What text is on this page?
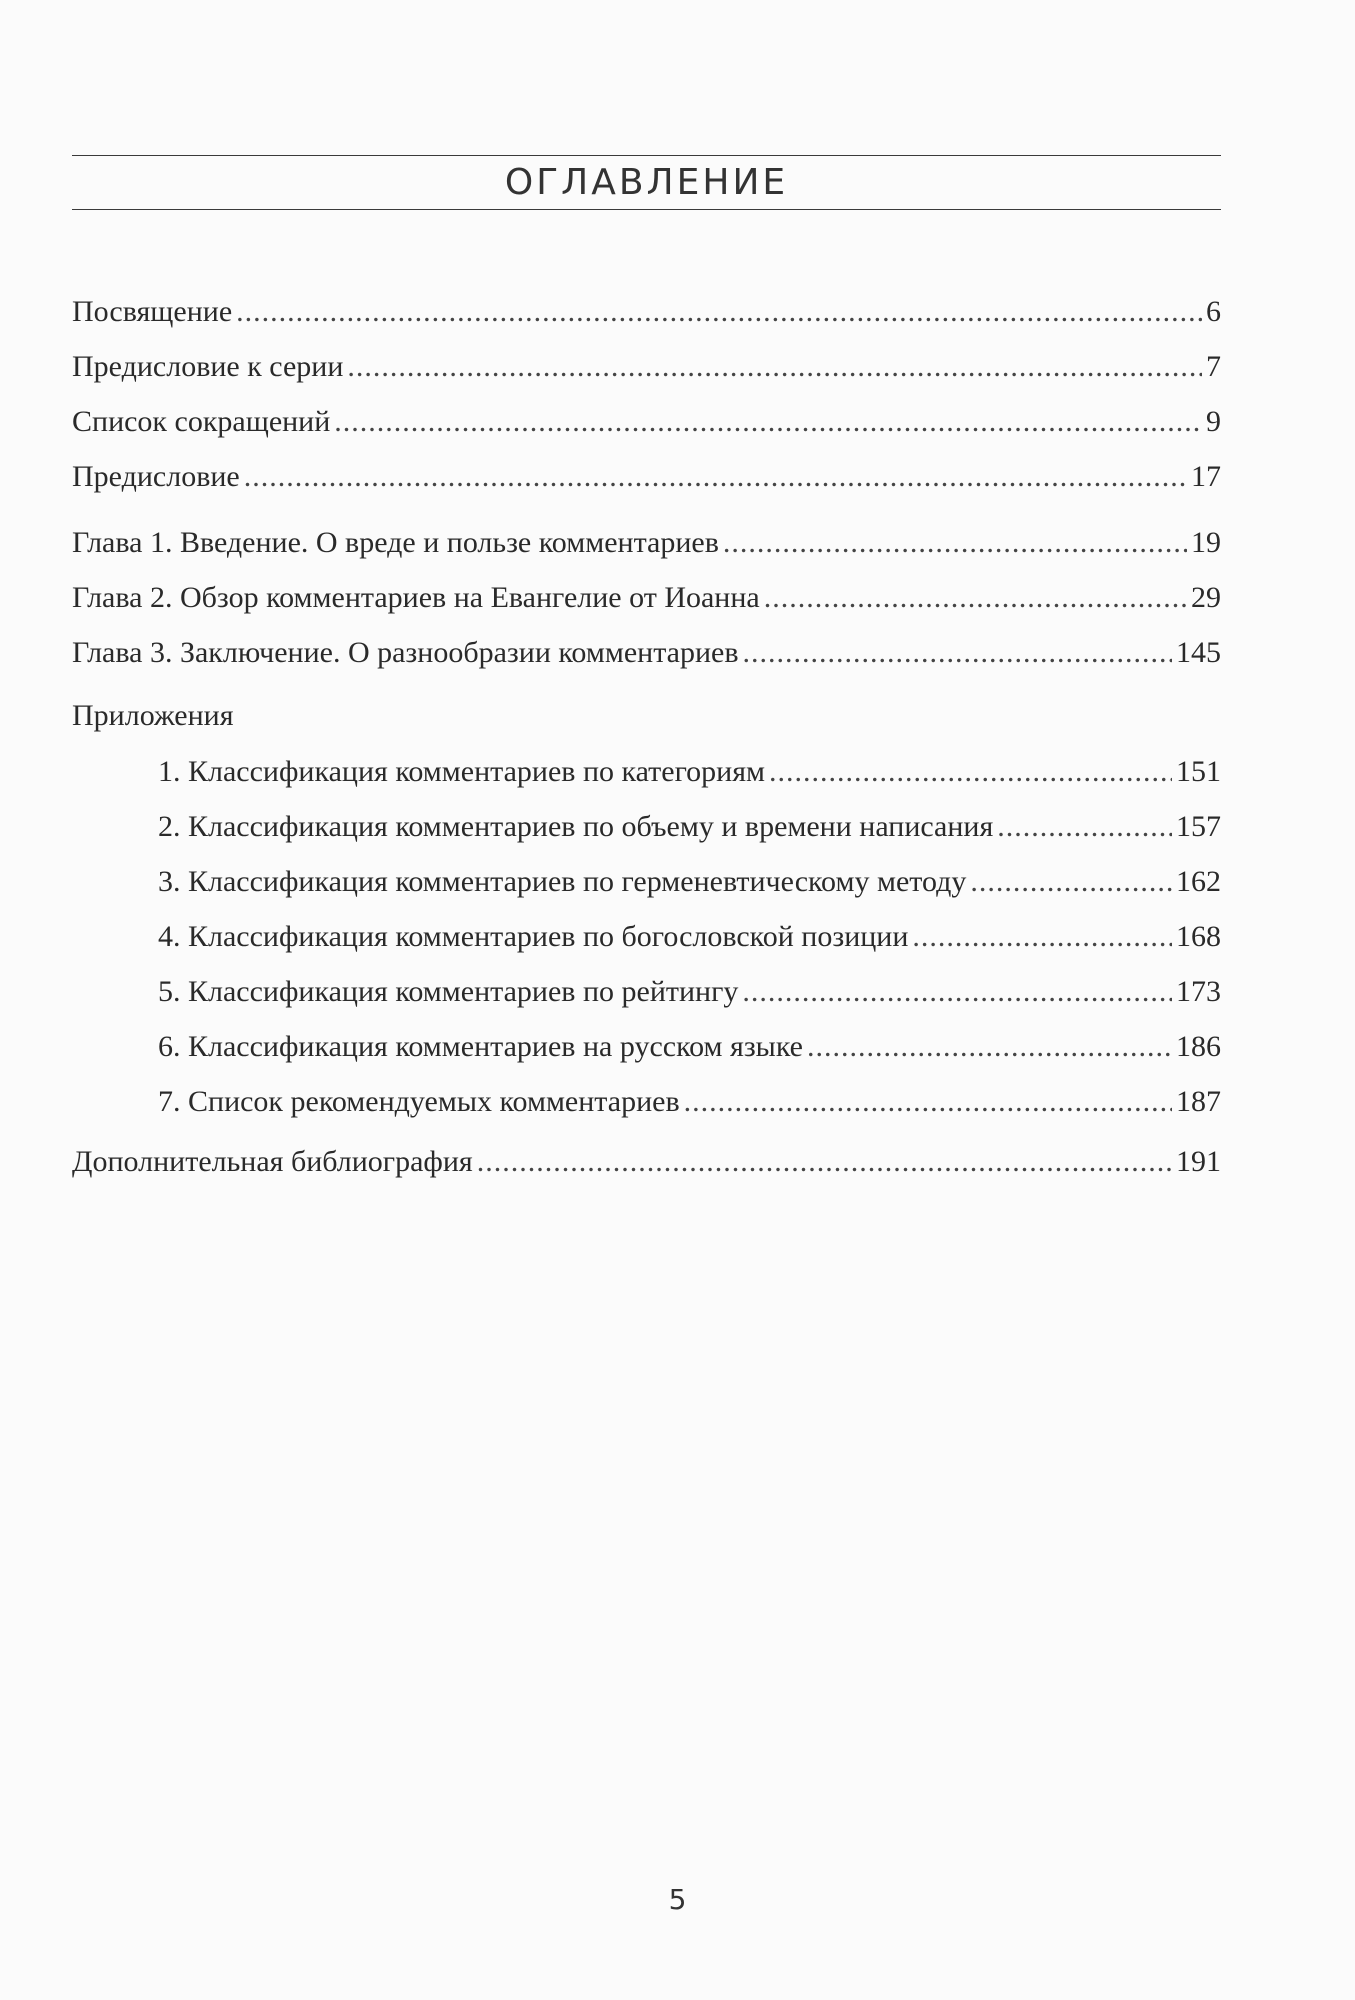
ОГЛАВЛЕНИЕ
Посвящение .....	6
Предисловие к серии .....	7
Список сокращений .....	9
Предисловие .....	17
Глава 1. Введение. О вреде и пользе комментариев .....	19
Глава 2. Обзор комментариев на Евангелие от Иоанна .....	29
Глава 3. Заключение. О разнообразии комментариев .....	145
Приложения
1. Классификация комментариев по категориям .....	151
2. Классификация комментариев по объему и времени написания .....	157
3. Классификация комментариев по герменевтическому методу .....	162
4. Классификация комментариев по богословской позиции .....	168
5. Классификация комментариев по рейтингу .....	173
6. Классификация комментариев на русском языке .....	186
7. Список рекомендуемых комментариев .....	187
Дополнительная библиография .....	191
5
